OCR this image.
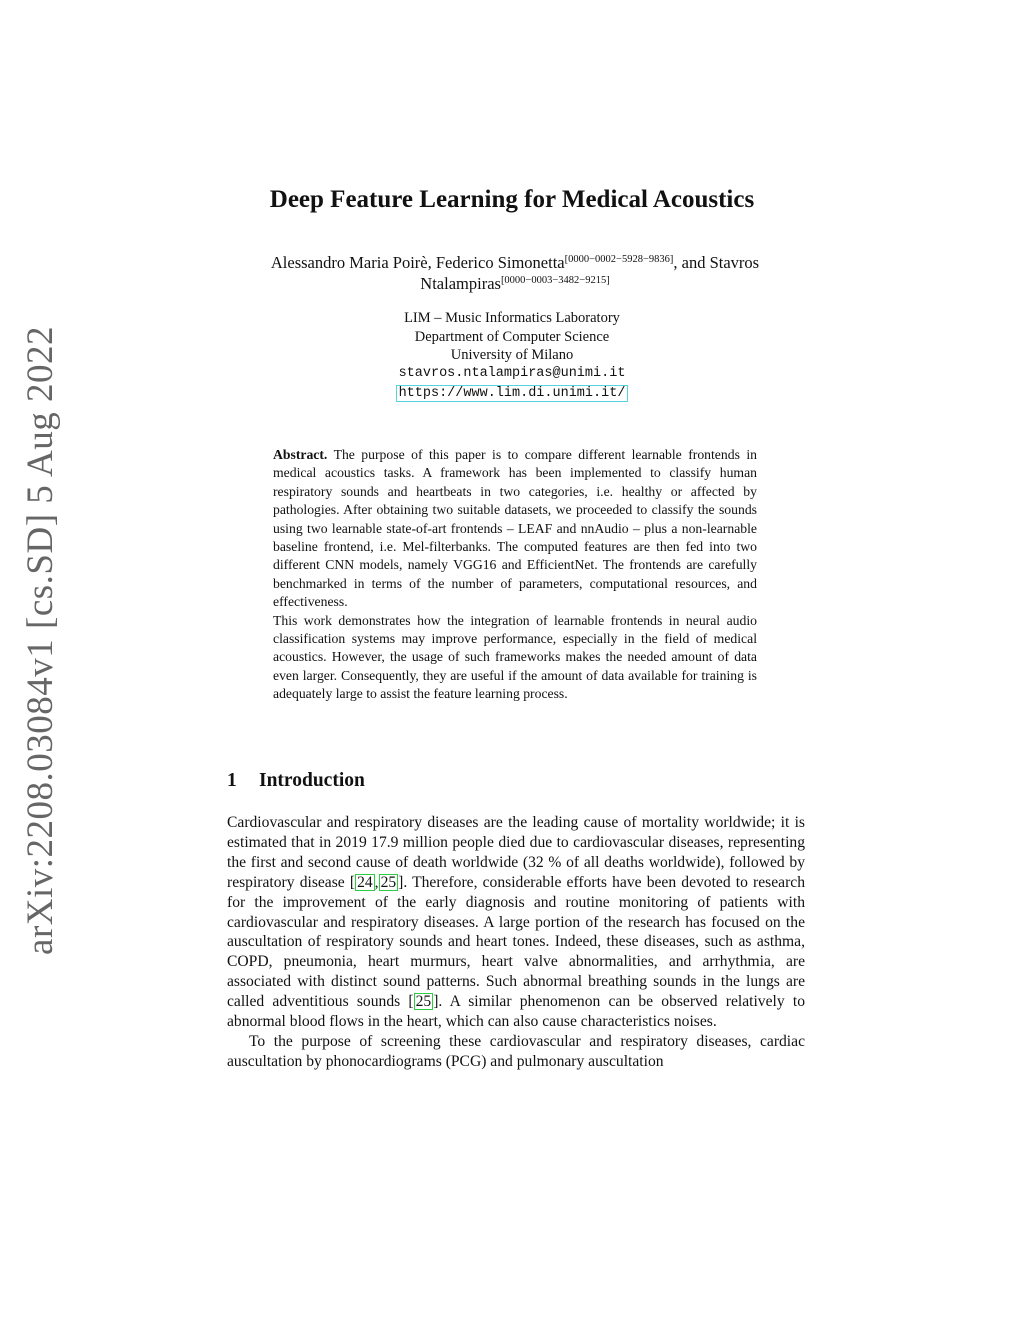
arXiv:2208.03084v1 [cs.SD] 5 Aug 2022
Deep Feature Learning for Medical Acoustics
Alessandro Maria Poirè, Federico Simonetta[0000−0002−5928−9836], and Stavros
Ntalampiras[0000−0003−3482−9215]
LIM – Music Informatics Laboratory
Department of Computer Science
University of Milano
stavros.ntalampiras@unimi.it
https://www.lim.di.unimi.it/

Abstract. The purpose of this paper is to compare different learnable frontends in medical acoustics tasks. A framework has been implemented to classify human respiratory sounds and heartbeats in two categories, i.e. healthy or affected by pathologies. After obtaining two suitable datasets, we proceeded to classify the sounds using two learnable state-of-art frontends – LEAF and nnAudio – plus a non-learnable baseline frontend, i.e. Mel-filterbanks. The computed features are then fed into two different CNN models, namely VGG16 and EfficientNet. The frontends are carefully benchmarked in terms of the number of parameters, computational resources, and effectiveness.

This work demonstrates how the integration of learnable frontends in neural audio classification systems may improve performance, especially in the field of medical acoustics. However, the usage of such frameworks makes the needed amount of data even larger. Consequently, they are useful if the amount of data available for training is adequately large to assist the feature learning process.

1 Introduction

Cardiovascular and respiratory diseases are the leading cause of mortality worldwide; it is estimated that in 2019 17.9 million people died due to cardiovascular diseases, representing the first and second cause of death worldwide (32 % of all deaths worldwide), followed by respiratory disease [ 24 , 25 ]. Therefore, considerable efforts have been devoted to research for the improvement of the early diagnosis and routine monitoring of patients with cardiovascular and respiratory diseases. A large portion of the research has focused on the auscultation of respiratory sounds and heart tones. Indeed, these diseases, such as asthma, COPD, pneumonia, heart murmurs, heart valve abnormalities, and arrhythmia, are associated with distinct sound patterns. Such abnormal breathing sounds in the lungs are called adventitious sounds [ 25 ]. A similar phenomenon can be observed relatively to abnormal blood flows in the heart, which can also cause characteristics noises.

To the purpose of screening these cardiovascular and respiratory diseases, cardiac auscultation by phonocardiograms (PCG) and pulmonary auscultation
